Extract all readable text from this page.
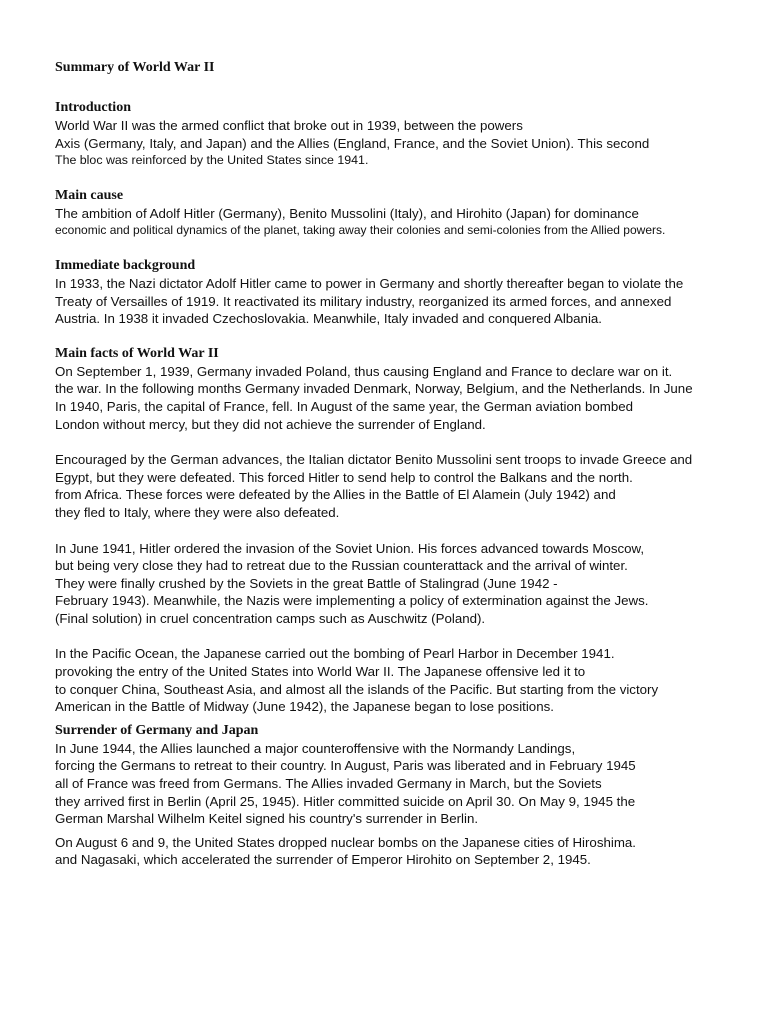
Summary of World War II
Introduction
World War II was the armed conflict that broke out in 1939, between the powers
Axis (Germany, Italy, and Japan) and the Allies (England, France, and the Soviet Union). This second
The bloc was reinforced by the United States since 1941.
Main cause
The ambition of Adolf Hitler (Germany), Benito Mussolini (Italy), and Hirohito (Japan) for dominance
economic and political dynamics of the planet, taking away their colonies and semi-colonies from the Allied powers.
Immediate background
In 1933, the Nazi dictator Adolf Hitler came to power in Germany and shortly thereafter began to violate the
Treaty of Versailles of 1919. It reactivated its military industry, reorganized its armed forces, and annexed
Austria. In 1938 it invaded Czechoslovakia. Meanwhile, Italy invaded and conquered Albania.
Main facts of World War II
On September 1, 1939, Germany invaded Poland, thus causing England and France to declare war on it.
the war. In the following months Germany invaded Denmark, Norway, Belgium, and the Netherlands. In June
In 1940, Paris, the capital of France, fell. In August of the same year, the German aviation bombed
London without mercy, but they did not achieve the surrender of England.
Encouraged by the German advances, the Italian dictator Benito Mussolini sent troops to invade Greece and
Egypt, but they were defeated. This forced Hitler to send help to control the Balkans and the north.
from Africa. These forces were defeated by the Allies in the Battle of El Alamein (July 1942) and
they fled to Italy, where they were also defeated.
In June 1941, Hitler ordered the invasion of the Soviet Union. His forces advanced towards Moscow,
but being very close they had to retreat due to the Russian counterattack and the arrival of winter.
They were finally crushed by the Soviets in the great Battle of Stalingrad (June 1942 -
February 1943). Meanwhile, the Nazis were implementing a policy of extermination against the Jews.
(Final solution) in cruel concentration camps such as Auschwitz (Poland).
In the Pacific Ocean, the Japanese carried out the bombing of Pearl Harbor in December 1941.
provoking the entry of the United States into World War II. The Japanese offensive led it to
to conquer China, Southeast Asia, and almost all the islands of the Pacific. But starting from the victory
American in the Battle of Midway (June 1942), the Japanese began to lose positions.
Surrender of Germany and Japan
In June 1944, the Allies launched a major counteroffensive with the Normandy Landings,
forcing the Germans to retreat to their country. In August, Paris was liberated and in February 1945
all of France was freed from Germans. The Allies invaded Germany in March, but the Soviets
they arrived first in Berlin (April 25, 1945). Hitler committed suicide on April 30. On May 9, 1945 the
German Marshal Wilhelm Keitel signed his country's surrender in Berlin.
On August 6 and 9, the United States dropped nuclear bombs on the Japanese cities of Hiroshima.
and Nagasaki, which accelerated the surrender of Emperor Hirohito on September 2, 1945.
